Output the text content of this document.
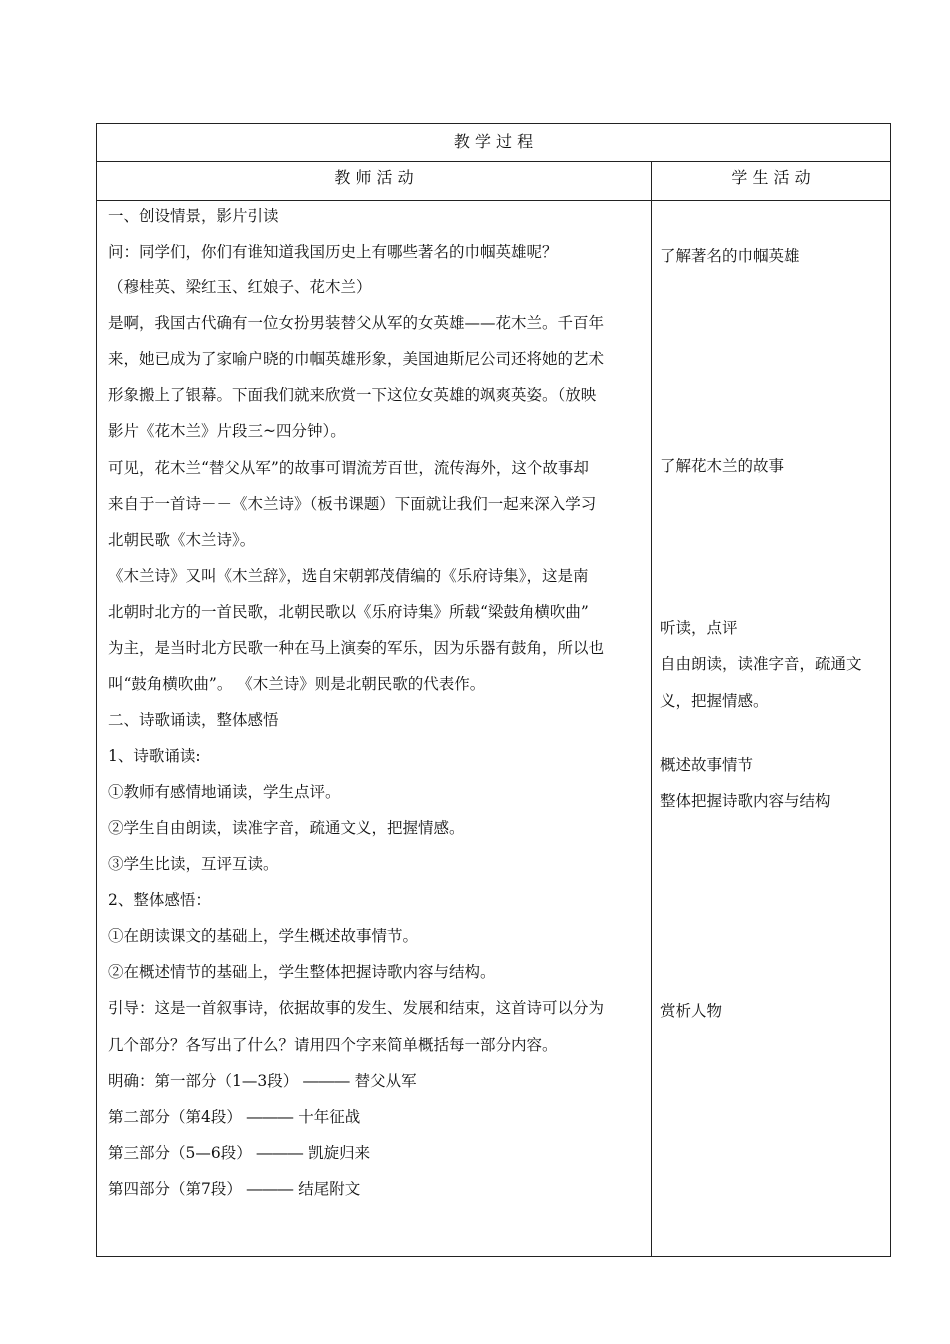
教 学 过 程
教 师 活 动	学 生 活 动
一、创设情景，影片引读
问：同学们，你们有谁知道我国历史上有哪些著名的巾帼英雄呢？
（穆桂英、梁红玉、红娘子、花木兰）
是啊，我国古代确有一位女扮男装替父从军的女英雄——花木兰。千百年
来，她已成为了家喻户晓的巾帼英雄形象，美国迪斯尼公司还将她的艺术
形象搬上了银幕。下面我们就来欣赏一下这位女英雄的飒爽英姿。（放映
影片《花木兰》片段三~四分钟）。
可见，花木兰“替父从军”的故事可谓流芳百世，流传海外，这个故事却
来自于一首诗－－《木兰诗》（板书课题）下面就让我们一起来深入学习
北朝民歌《木兰诗》。
《木兰诗》又叫《木兰辞》，选自宋朝郭茂倩编的《乐府诗集》，这是南
北朝时北方的一首民歌，北朝民歌以《乐府诗集》所载“梁鼓角横吹曲”
为主，是当时北方民歌一种在马上演奏的军乐，因为乐器有鼓角，所以也
叫“鼓角横吹曲”。 《木兰诗》则是北朝民歌的代表作。
二、诗歌诵读，整体感悟
1、诗歌诵读:
①教师有感情地诵读，学生点评。
②学生自由朗读，读准字音，疏通文义，把握情感。
③学生比读，互评互读。
2、整体感悟：
①在朗读课文的基础上，学生概述故事情节。
②在概述情节的基础上，学生整体把握诗歌内容与结构。
引导：这是一首叙事诗，依据故事的发生、发展和结束，这首诗可以分为
几个部分？各写出了什么？请用四个字来简单概括每一部分内容。
明确：第一部分（1—3段） ――― 替父从军
第二部分（第4段） ――― 十年征战
第三部分（5—6段） ――― 凯旋归来
第四部分（第7段） ――― 结尾附文
了解著名的巾帼英雄
了解花木兰的故事
听读，点评
自由朗读，读准字音，疏通文
义，把握情感。
概述故事情节
整体把握诗歌内容与结构
赏析人物
